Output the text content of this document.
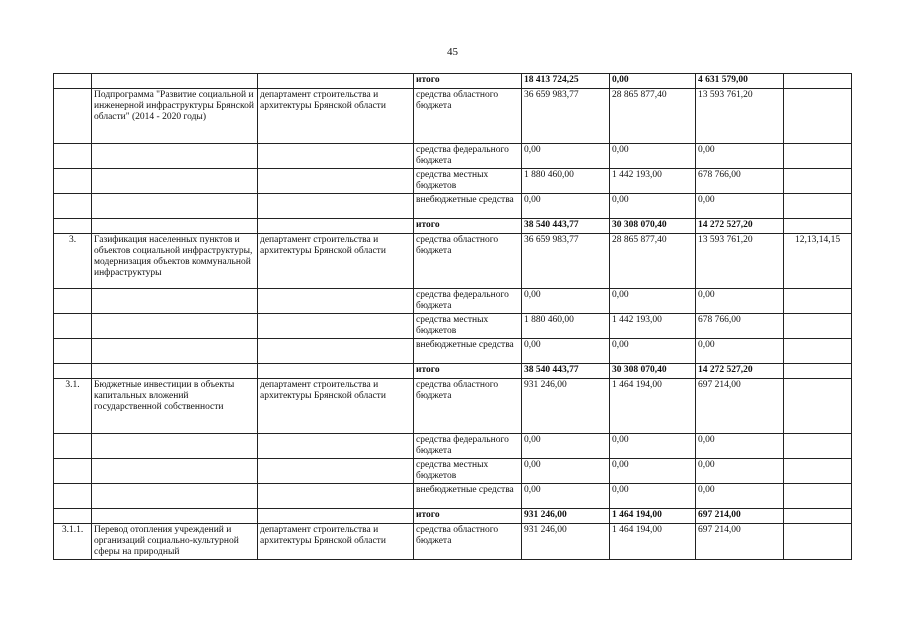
45
			итого	18 413 724,25	0,00	4 631 579,00	
	Подпрограмма "Развитие социальной и инженерной инфраструктуры Брянской области" (2014 - 2020 годы)	департамент строительства и архитектуры Брянской области	средства областного бюджета	36 659 983,77	28 865 877,40	13 593 761,20	
			средства федерального бюджета	0,00	0,00	0,00	
			средства местных бюджетов	1 880 460,00	1 442 193,00	678 766,00	
			внебюджетные средства	0,00	0,00	0,00	
			итого	38 540 443,77	30 308 070,40	14 272 527,20	
3.	Газификация населенных пунктов и объектов социальной инфраструктуры, модернизация объектов коммунальной инфраструктуры	департамент строительства и архитектуры Брянской области	средства областного бюджета	36 659 983,77	28 865 877,40	13 593 761,20	12,13,14,15
			средства федерального бюджета	0,00	0,00	0,00	
			средства местных бюджетов	1 880 460,00	1 442 193,00	678 766,00	
			внебюджетные средства	0,00	0,00	0,00	
			итого	38 540 443,77	30 308 070,40	14 272 527,20	
3.1.	Бюджетные инвестиции в объекты капитальных вложений государственной собственности	департамент строительства и архитектуры Брянской области	средства областного бюджета	931 246,00	1 464 194,00	697 214,00	
			средства федерального бюджета	0,00	0,00	0,00	
			средства местных бюджетов	0,00	0,00	0,00	
			внебюджетные средства	0,00	0,00	0,00	
			итого	931 246,00	1 464 194,00	697 214,00	
3.1.1.	Перевод отопления учреждений и организаций социально-культурной сферы на природный	департамент строительства и архитектуры Брянской области	средства областного бюджета	931 246,00	1 464 194,00	697 214,00	
